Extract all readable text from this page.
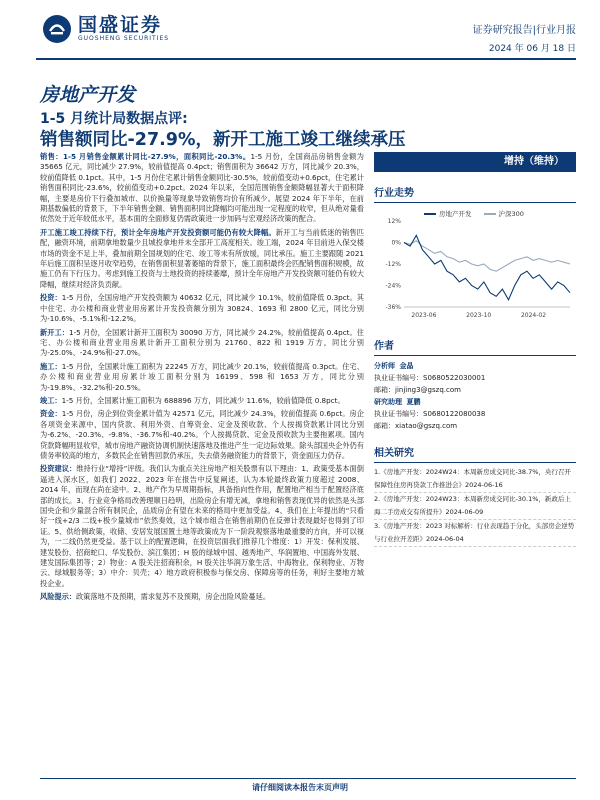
国盛证券
GUOSHENG SECURITIES
证券研究报告|行业月报
2024 年 06 月 18 日
房地产开发
1-5 月统计局数据点评:
销售额同比-27.9%，新开工施工竣工继续承压

销售：1-5 月销售金额累计同比-27.9%，面积同比-20.3%。1-5 月份，全国商品房销售金额为 35665 亿元，同比减少 27.9%，较前值提高 0.4pct；销售面积为 36642 万方，同比减少 20.3%，较前值降低 0.1pct。其中，1-5 月份住宅累计销售金额同比-30.5%，较前值变动+0.6pct，住宅累计销售面积同比-23.6%，较前值变动+0.2pct。2024 年以来，全国范围销售金额降幅显著大于面积降幅，主要是房价下行叠加城市、以价换量等现象导致销售均价有所减少。展望 2024 年下半年，在前期基数偏低的背景下，下半年销售金额、销售面积同比降幅均可能出现一定程度的收窄，但从绝对量看依然处于近年较低水平，基本面的全面修复仍需政策进一步加码与宏观经济改策的配合。

开工施工竣工持续下行，预计全年房地产开发投资额可能仍有较大降幅。新开工与当前低迷的销售匹配，融资环境，前期拿地数量少且城投拿地并未全部开工高度相关。竣工端，2024 年目前进入保交楼市场的资金不足上半，叠加前期全国规划的住宅、竣工等未有所放缓，同比承压。施工主要跟随 2021 年后施工面积呈逐月收窄趋势，在销售面积显著萎缩的背景下，施工面积最终会匹配销售面积规模，故施工仍有下行压力。考虑到施工投资与土地投资的持续萎靡，预计全年房地产开发投资额可能仍有较大降幅，继续对经济负贡献。

投资：1-5 月份，全国房地产开发投资额为 40632 亿元，同比减少 10.1%，较前值降低 0.3pct。其中住宅、办公楼和商业营业用房累计开发投资额分别为 30824、1693 和 2800 亿元，同比分别为-10.6%、-5.1%和-12.2%。

新开工：1-5 月份，全国累计新开工面积为 30090 万方，同比减少 24.2%，较前值提高 0.4pct。住宅、办公楼和商业营业用房累计新开工面积分别为 21760、822 和 1919 万方，同比分别为-25.0%、-24.9%和-27.0%。

施工：1-5 月份，全国累计施工面积为 22245 万方，同比减少 20.1%，较前值提高 0.3pct。住宅、办公楼和商业营业用房累计竣工面积分别为 16199、598 和 1653 万方，同比分别为-19.8%、-32.2%和-20.5%。

竣工：1-5 月份，全国累计施工面积为 688896 万方，同比减少 11.6%，较前值降低 0.8pct。

资金：1-5 月份，房企到位资金累计值为 42571 亿元，同比减少 24.3%，较前值提高 0.6pct。房企各项资金来源中，国内贷款、利用外资、自筹资金、定金及预收款、个人按揭贷款累计同比分别为-6.2%、-20.3%、-9.8%、-36.7%和-40.2%。个人按揭贷款、定金及预收款为主要拖累项。国内贷款降幅明显收窄，城市房地产融资协调机制快速落地及推进产生一定边际效果。除头部国央企外仍有债务率较高的地方，多数民企在销售回款仍承压，失去债务融资能力的背景下，资金面压力仍存。

投资建议：维持行业“增持”评级。我们认为重点关注房地产相关股票有以下理由：1、政策受基本面倒逼进入深水区，如我们 2022、2023 年在报告中反复阐述，认为本轮最终政策力度超过 2008、2014 年，而现在尚在途中。2、地产作为早周期指标，具备指向性作用，配置地产相当于配置经济底部的成长。3、行业竞争格局改善理顺日趋明，出险房企有增无减，拿地和销售表现优异的依然是头部国央企和少量混合所有制民企，品质房企有望在未来的格局中更加受益。4、我们在上年提出的“只看好一线+2/3 二线+极少量城市”依然奏效，这个城市组合在销售前期仍在反弹计表现最好也得到了印证。5、供给侧政策，收储、安居发展国置土地等政策成为下一阶段观察落地最重要的方向，并可以视为，一二线仍然更受益。基于以上的配置逻辑，在投资层面我们推荐几个维度：1）开发：保利发展、建发股份、招商蛇口、华发股份、滨江集团；H 股的绿城中国、越秀地产、华润置地、中国海外发展、建发国际集团等；2）物业：A 股关注招商积余，H 股关注华润万象生活、中海物业、保利物业、万物云、绿城服务等；3）中介：贝壳；4）地方政府积极参与保交房、保障房等的任务，利好主要地方城投企业。

风险提示：政策落地不及预期，需求复苏不及预期，房企出险风险蔓延。

增持（维持）
行业走势
房地产开发	沪深300
12%
0%
-12%
-24%
-36%
2023-06	2023-10	2024-02
作者
分析师 金晶
执业证书编号：S0680522030001
邮箱：jinjing3@gszq.com
研究助理 夏鹏
执业证书编号：S0680122080038
邮箱：xiatao@gszq.com
相关研究
1.《房地产开发：2024W24：本周新房成交同比-38.7%，央行召开保障性住房再贷款工作推进会》2024-06-16
2.《房地产开发：2024W23：本周新房成交同比-30.1%，新政后上海二手房成交有所提升》2024-06-09
3.《房地产开发：2023 对标解析：行业表现趋于分化，头部房企逆势与行业拉开差距》2024-06-04
请仔细阅读本报告末页声明
